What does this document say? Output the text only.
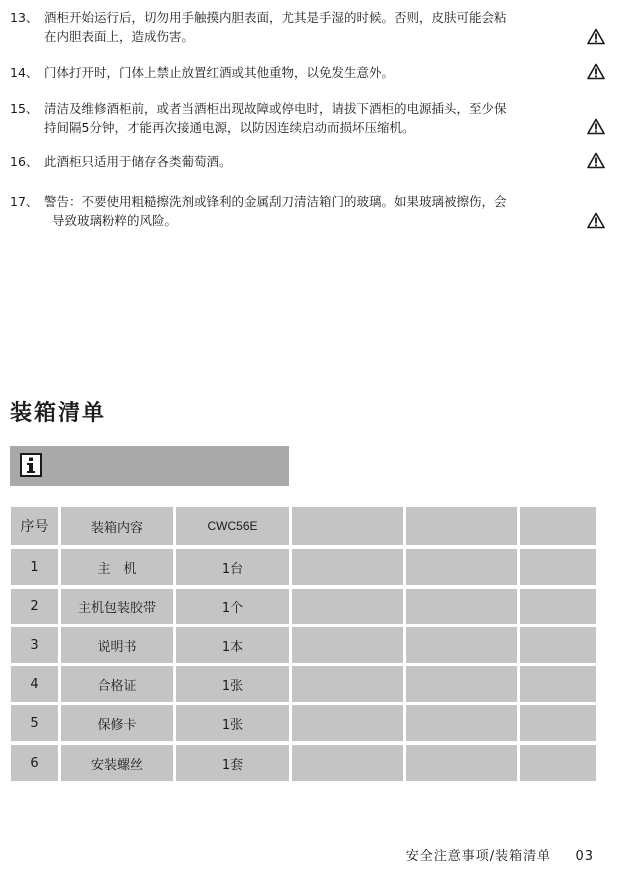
13、 酒柜开始运行后，切勿用手触摸内胆表面，尤其是手湿的时候。否则，皮肤可能会粘
在内胆表面上，造成伤害。
14、 门体打开时，门体上禁止放置红酒或其他重物，以免发生意外。
15、 清洁及维修酒柜前，或者当酒柜出现故障或停电时，请拔下酒柜的电源插头，至少保
持间隔5分钟，才能再次接通电源，以防因连续启动而损坏压缩机。
16、 此酒柜只适用于储存各类葡萄酒。
17、 警告：不要使用粗糙擦洗剂或锋利的金属刮刀清洁箱门的玻璃。如果玻璃被擦伤，会
导致玻璃粉粹的风险。
装箱清单
序号	装箱内容	CWC56E
1	主　机	1台
2	主机包装胶带	1个
3	说明书	1本
4	合格证	1张
5	保修卡	1张
6	安装螺丝	1套
安全注意事项/装箱清单 03
